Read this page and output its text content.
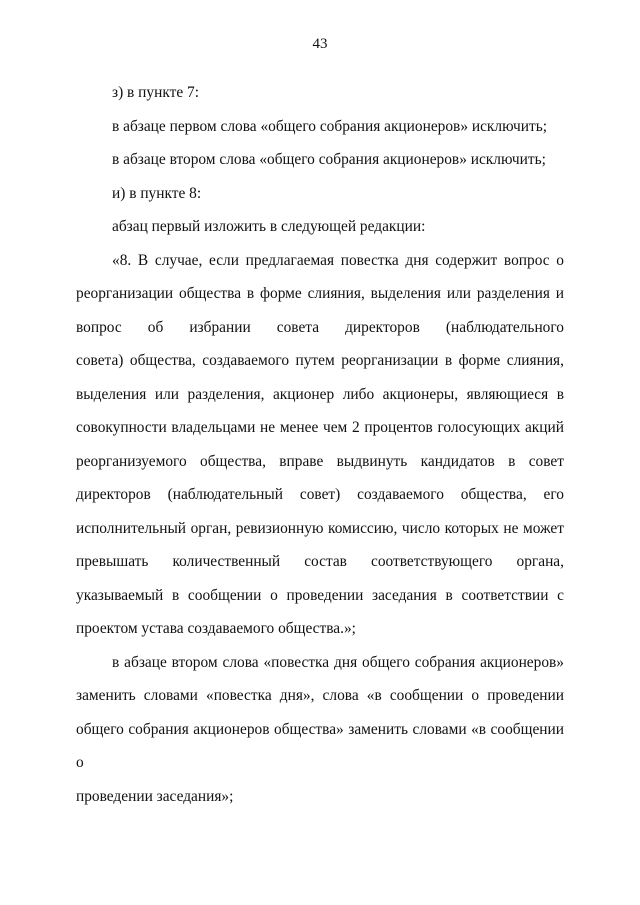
43

з) в пункте 7:

в абзаце первом слова «общего собрания акционеров» исключить;

в абзаце втором слова «общего собрания акционеров» исключить;

и) в пункте 8:

абзац первый изложить в следующей редакции:

«8. В случае, если предлагаемая повестка дня содержит вопрос о
реорганизации общества в форме слияния, выделения или разделения и
вопрос об избрании совета директоров (наблюдательного
совета) общества, создаваемого путем реорганизации в форме слияния,
выделения или разделения, акционер либо акционеры, являющиеся в
совокупности владельцами не менее чем 2 процентов голосующих акций
реорганизуемого общества, вправе выдвинуть кандидатов в совет
директоров (наблюдательный совет) создаваемого общества, его
исполнительный орган, ревизионную комиссию, число которых не может
превышать количественный состав соответствующего органа,
указываемый в сообщении о проведении заседания в соответствии с
проектом устава создаваемого общества.»;
в абзаце втором слова «повестка дня общего собрания акционеров»
заменить словами «повестка дня», слова «в сообщении о проведении
общего собрания акционеров общества» заменить словами «в сообщении о
проведении заседания»;
